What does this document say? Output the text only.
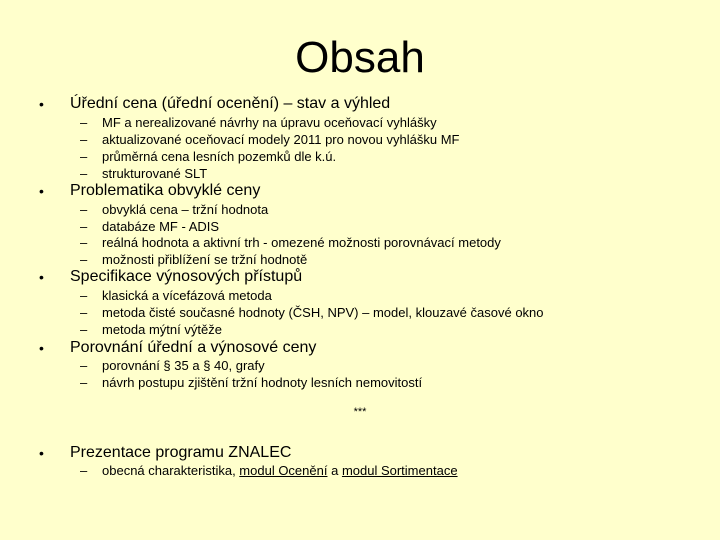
Obsah
• Úřední cena (úřední ocenění) – stav a výhled
– MF a nerealizované návrhy na úpravu oceňovací vyhlášky
– aktualizované oceňovací modely 2011 pro novou vyhlášku MF
– průměrná cena lesních pozemků dle k.ú.
– strukturované SLT
• Problematika obvyklé ceny
– obvyklá cena – tržní hodnota
– databáze MF - ADIS
– reálná hodnota a aktivní trh - omezené možnosti porovnávací metody
– možnosti přiblížení se tržní hodnotě
• Specifikace výnosových přístupů
– klasická a vícefázová metoda
– metoda čisté současné hodnoty (ČSH, NPV) – model, klouzavé časové okno
– metoda mýtní výtěže
• Porovnání úřední a výnosové ceny
– porovnání § 35 a § 40, grafy
– návrh postupu zjištění tržní hodnoty lesních nemovitostí
***
• Prezentace programu ZNALEC
– obecná charakteristika, modul Ocenění a modul Sortimentace
